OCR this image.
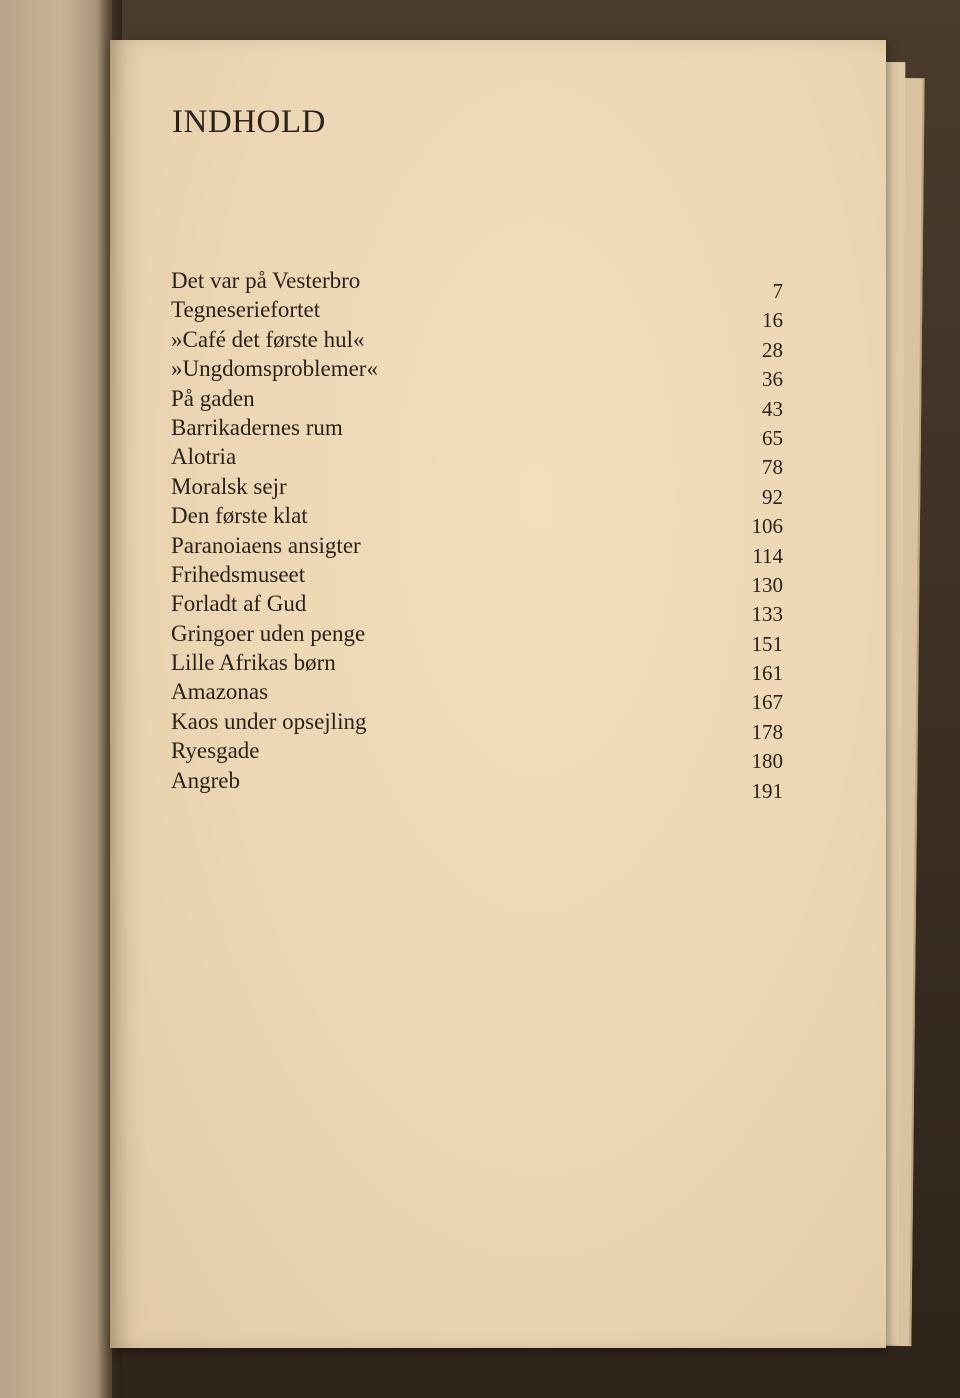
INDHOLD
Det var på Vesterbro	7
Tegneseriefortet	16
»Café det første hul«	28
»Ungdomsproblemer«	36
På gaden	43
Barrikadernes rum	65
Alotria	78
Moralsk sejr	92
Den første klat	106
Paranoiaens ansigter	114
Frihedsmuseet	130
Forladt af Gud	133
Gringoer uden penge	151
Lille Afrikas børn	161
Amazonas	167
Kaos under opsejling	178
Ryesgade	180
Angreb	191
